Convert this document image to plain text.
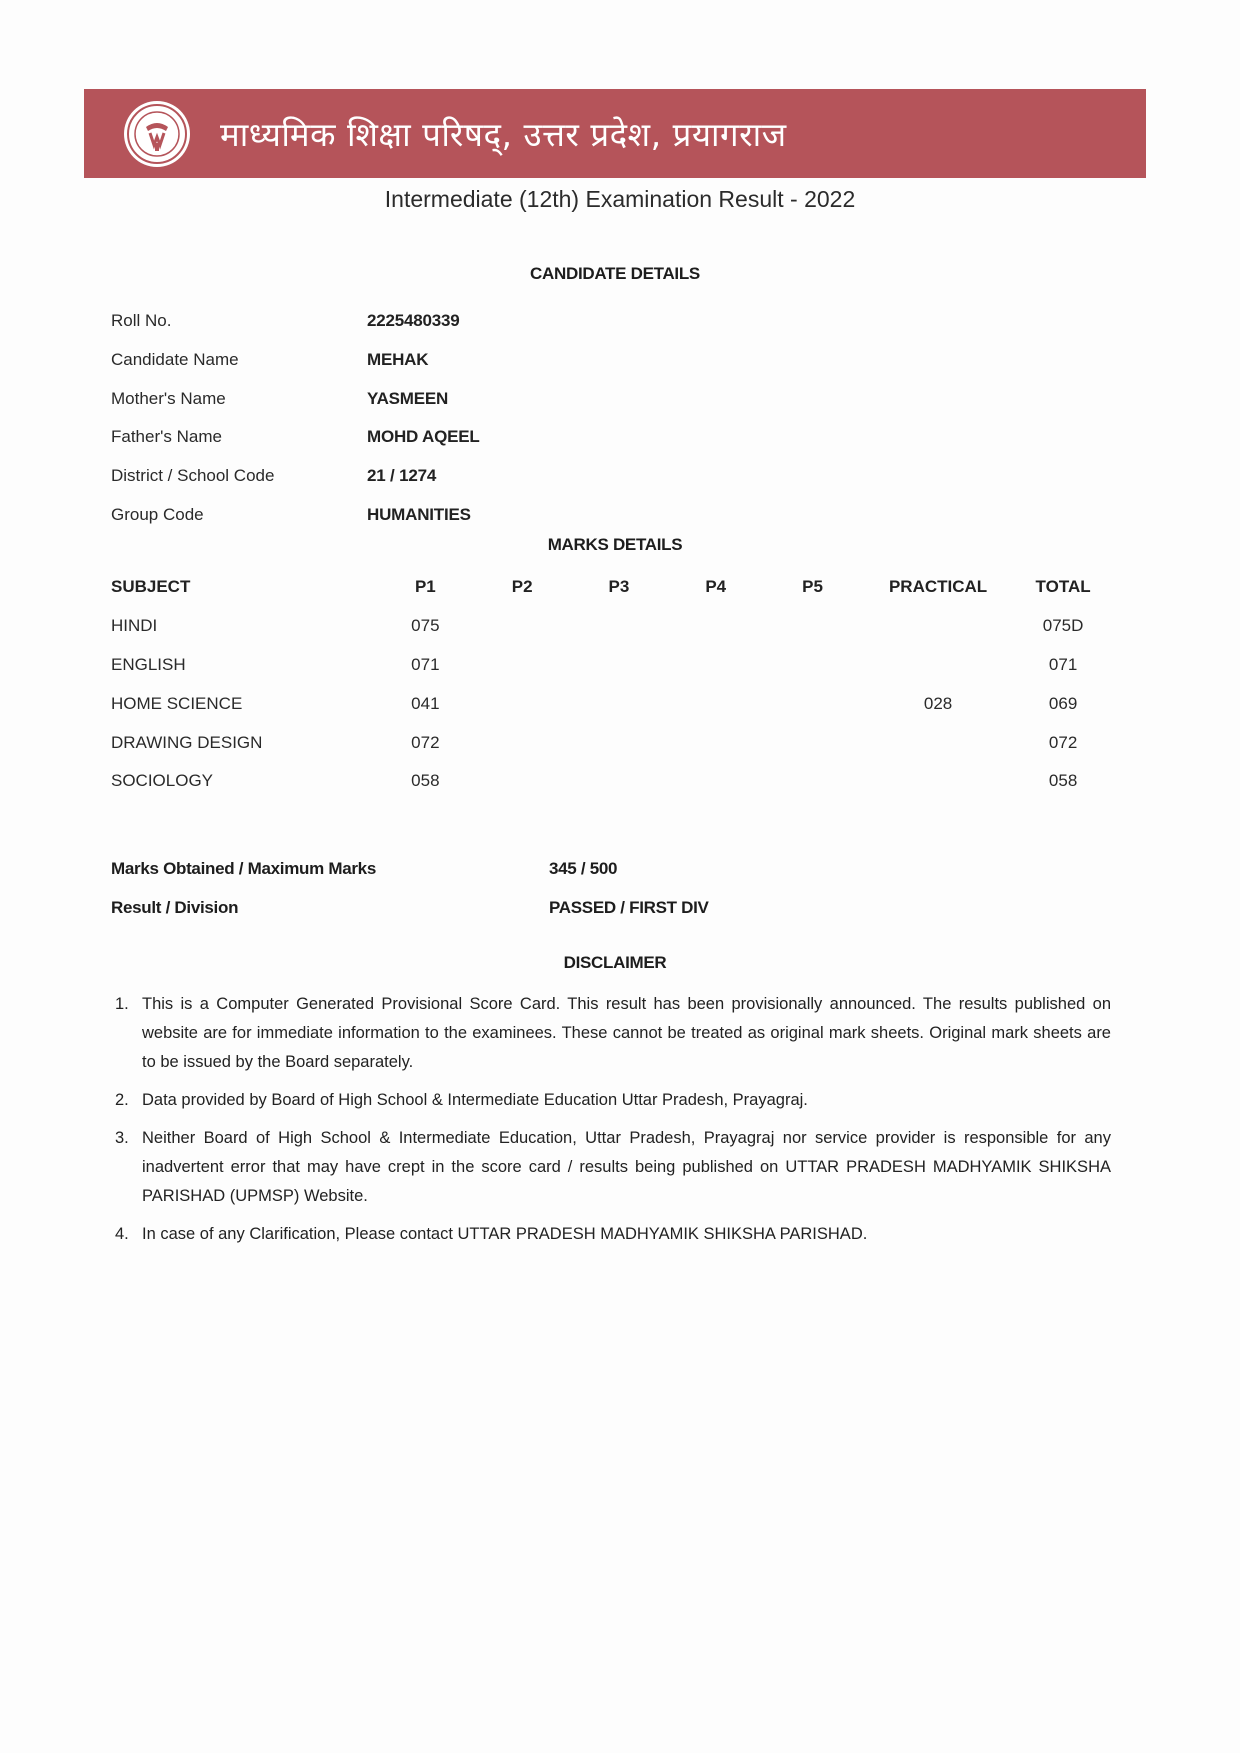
माध्यमिक शिक्षा परिषद्, उत्तर प्रदेश, प्रयागराज
Intermediate (12th) Examination Result - 2022
CANDIDATE DETAILS
Roll No.	2225480339
Candidate Name	MEHAK
Mother's Name	YASMEEN
Father's Name	MOHD AQEEL
District / School Code	21 / 1274
Group Code	HUMANITIES
MARKS DETAILS
SUBJECT	P1	P2	P3	P4	P5	PRACTICAL	TOTAL
HINDI	075						075D
ENGLISH	071						071
HOME SCIENCE	041					028	069
DRAWING DESIGN	072						072
SOCIOLOGY	058						058
Marks Obtained / Maximum Marks	345 / 500
Result / Division	PASSED / FIRST DIV
DISCLAIMER
1. This is a Computer Generated Provisional Score Card. This result has been provisionally announced. The results published on website are for immediate information to the examinees. These cannot be treated as original mark sheets. Original mark sheets are to be issued by the Board separately.
2. Data provided by Board of High School & Intermediate Education Uttar Pradesh, Prayagraj.
3. Neither Board of High School & Intermediate Education, Uttar Pradesh, Prayagraj nor service provider is responsible for any inadvertent error that may have crept in the score card / results being published on UTTAR PRADESH MADHYAMIK SHIKSHA PARISHAD (UPMSP) Website.
4. In case of any Clarification, Please contact UTTAR PRADESH MADHYAMIK SHIKSHA PARISHAD.
